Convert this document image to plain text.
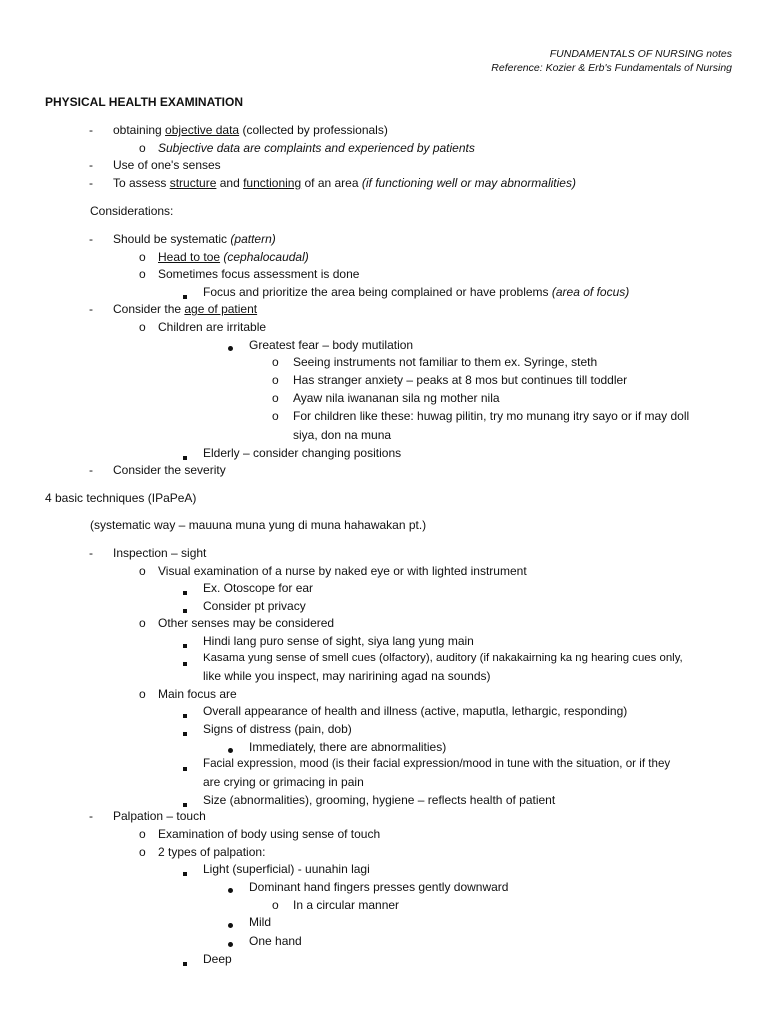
FUNDAMENTALS OF NURSING notes
Reference: Kozier & Erb's Fundamentals of Nursing
PHYSICAL HEALTH EXAMINATION
- obtaining objective data (collected by professionals)
o Subjective data are complaints and experienced by patients
- Use of one's senses
- To assess structure and functioning of an area (if functioning well or may abnormalities)
Considerations:
- Should be systematic (pattern)
o Head to toe (cephalocaudal)
o Sometimes focus assessment is done
Focus and prioritize the area being complained or have problems (area of focus)
- Consider the age of patient
o Children are irritable
Greatest fear – body mutilation
o Seeing instruments not familiar to them ex. Syringe, steth
o Has stranger anxiety – peaks at 8 mos but continues till toddler
o Ayaw nila iwananan sila ng mother nila
o For children like these: huwag pilitin, try mo munang itry sayo or if may doll
siya, don na muna
Elderly – consider changing positions
- Consider the severity
4 basic techniques (IPaPeA)
(systematic way – mauuna muna yung di muna hahawakan pt.)
- Inspection – sight
o Visual examination of a nurse by naked eye or with lighted instrument
Ex. Otoscope for ear
Consider pt privacy
o Other senses may be considered
Hindi lang puro sense of sight, siya lang yung main
Kasama yung sense of smell cues (olfactory), auditory (if nakakairning ka ng hearing cues only,
like while you inspect, may naririning agad na sounds)
o Main focus are
Overall appearance of health and illness (active, maputla, lethargic, responding)
Signs of distress (pain, dob)
Immediately, there are abnormalities)
Facial expression, mood (is their facial expression/mood in tune with the situation, or if they
are crying or grimacing in pain
Size (abnormalities), grooming, hygiene – reflects health of patient
- Palpation – touch
o Examination of body using sense of touch
o 2 types of palpation:
Light (superficial) - uunahin lagi
Dominant hand fingers presses gently downward
o In a circular manner
Mild
One hand
Deep
